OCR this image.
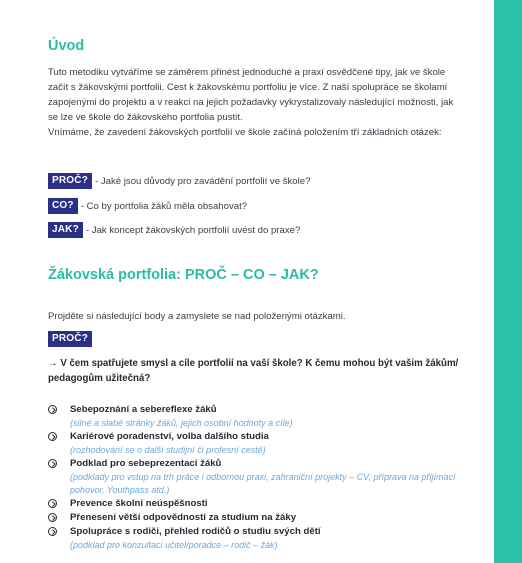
Úvod
Tuto metodiku vytváříme se záměrem přinést jednoduché a praxí osvědčené tipy, jak ve škole
začít s žákovskými portfolii. Cest k žákovskému portfoliu je více. Z naší spolupráce se školami
zapojenými do projektu a v reakci na jejich požadavky vykrystalizovaly následující možnosti, jak
se lze ve škole do žákovského portfolia pustit.
Vnímáme, že zavedení žákovských portfolií ve škole začíná položením tří základních otázek:
PROČ? - Jaké jsou důvody pro zavádění portfolií ve škole?
CO? - Co by portfolia žáků měla obsahovat?
JAK? - Jak koncept žákovských portfolií uvést do praxe?
Žákovská portfolia: PROČ – CO – JAK?
Projděte si následující body a zamyslete se nad položenými otázkami.
PROČ?
→ V čem spatřujete smysl a cíle portfolií na vaší škole? K čemu mohou být vašim žákům/
pedagogům užitečná?
Sebepoznání a sebereflexe žáků
(silné a slabé stránky žáků, jejich osobní hodnoty a cíle)
Kariérové poradenství, volba dalšího studia
(rozhodování se o další studijní či profesní cestě)
Podklad pro sebeprezentaci žáků
(podklady pro vstup na trh práce i odbornou praxi, zahraniční projekty – CV, příprava na přijímací pohovor, Youthpass atd.)
Prevence školní neúspěšnosti
Přenesení větší odpovědnosti za studium na žáky
Spolupráce s rodiči, přehled rodičů o studiu svých dětí
(podklad pro konzultaci učitel/poradce – rodič – žák)
